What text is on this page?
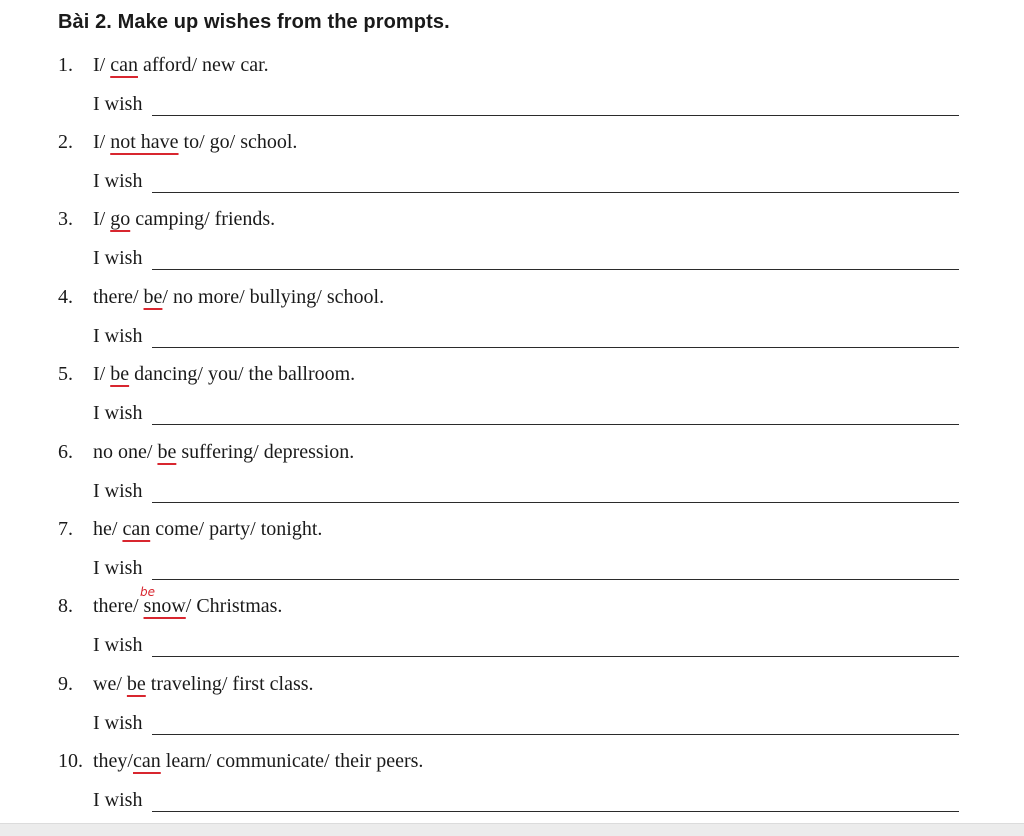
Bài 2. Make up wishes from the prompts.
1. I/ can afford/ new car.
I wish
2. I/ not have to/ go/ school.
I wish
3. I/ go camping/ friends.
I wish
4. there/ be/ no more/ bullying/ school.
I wish
5. I/ be dancing/ you/ the ballroom.
I wish
6. no one/ be suffering/ depression.
I wish
7. he/ can come/ party/ tonight.
I wish
8. there/ snow/ Christmas.
be
I wish
9. we/ be traveling/ first class.
I wish
10. they/can learn/ communicate/ their peers.
I wish
